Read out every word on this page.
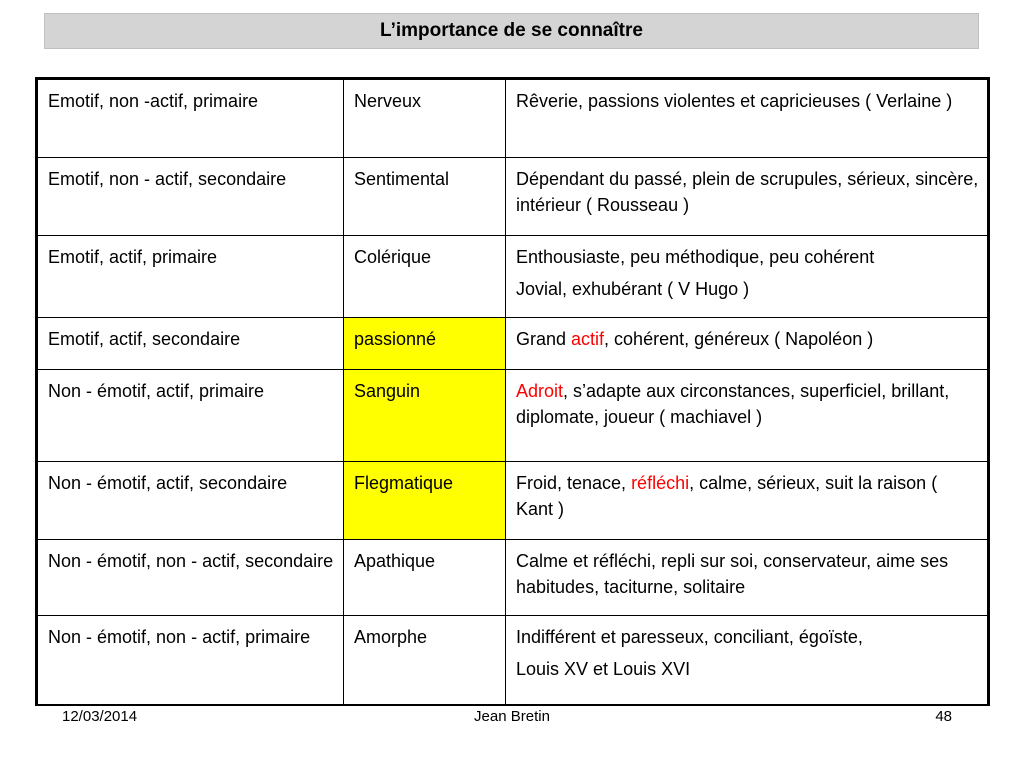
L’importance de se connaître
Emotif, non -actif, primaire	Nerveux	Rêverie, passions violentes et capricieuses ( Verlaine )

Emotif, non - actif, secondaire	Sentimental	Dépendant du passé, plein de scrupules, sérieux, sincère, intérieur ( Rousseau )

Emotif, actif, primaire	Colérique	Enthousiaste, peu méthodique, peu cohérent
Jovial, exhubérant ( V Hugo )

Emotif, actif, secondaire	passionné	Grand actif, cohérent, généreux ( Napoléon )

Non - émotif, actif, primaire	Sanguin	Adroit, s’adapte aux circonstances, superficiel, brillant, diplomate, joueur ( machiavel )

Non - émotif, actif, secondaire	Flegmatique	Froid, tenace, réfléchi, calme, sérieux, suit la raison ( Kant )

Non - émotif, non - actif, secondaire	Apathique	Calme et réfléchi, repli sur soi, conservateur, aime ses habitudes, taciturne, solitaire

Non - émotif, non - actif, primaire	Amorphe	Indifférent et paresseux, conciliant, égoïste,
Louis XV et Louis XVI
12/03/2014	Jean Bretin	48
